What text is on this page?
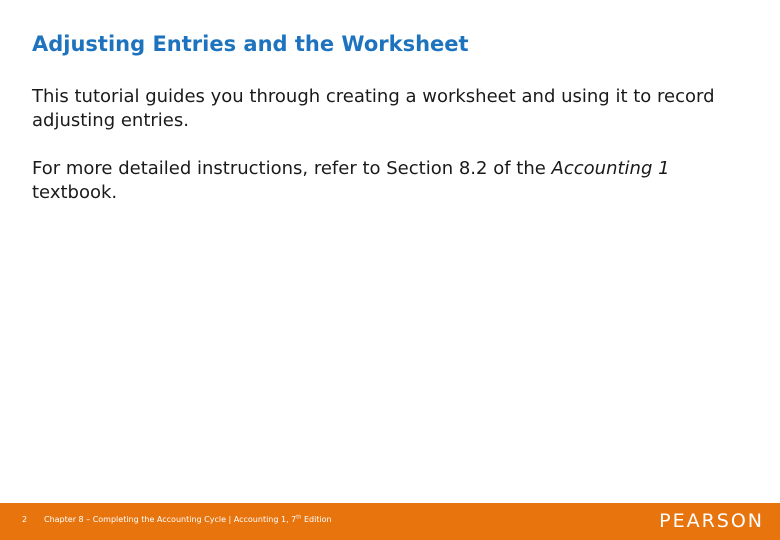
Adjusting Entries and the Worksheet

This tutorial guides you through creating a worksheet and using it to record adjusting entries.

For more detailed instructions, refer to Section 8.2 of the Accounting 1 textbook.

2 Chapter 8 – Completing the Accounting Cycle | Accounting 1, 7th Edition	PEARSON
